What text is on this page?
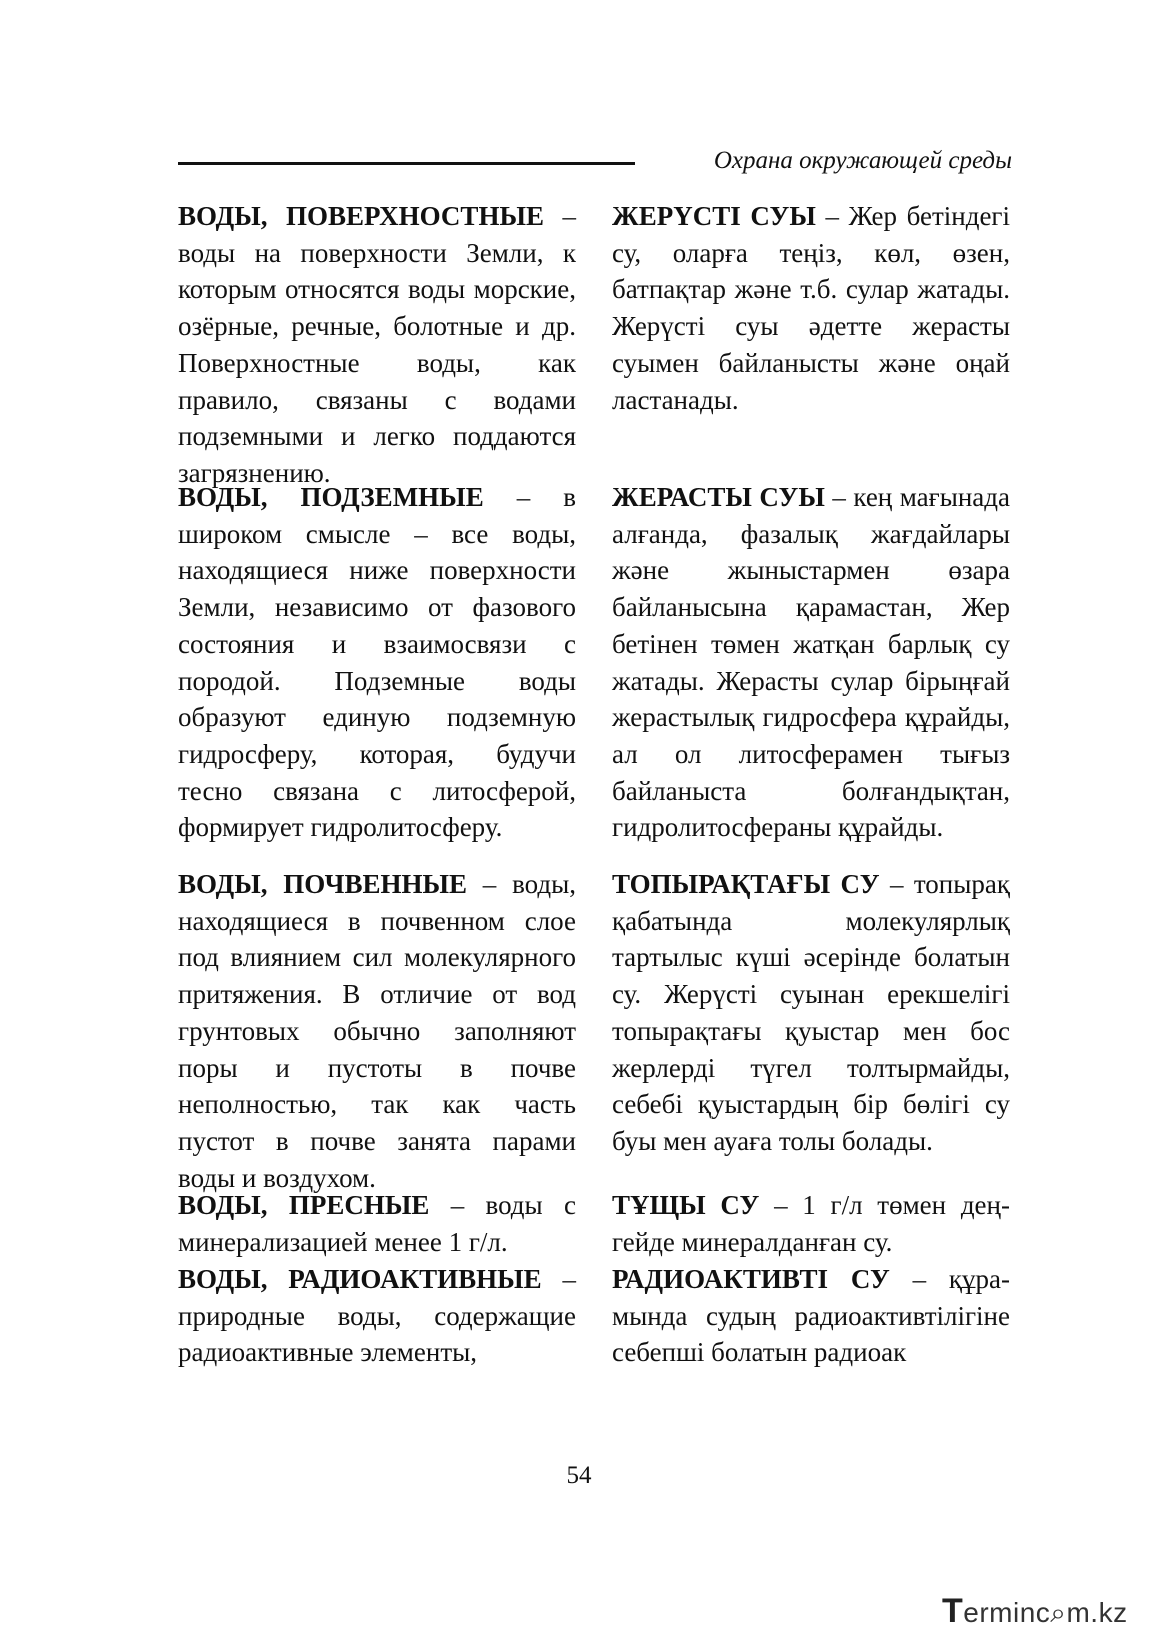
Охрана окружающей среды
ВОДЫ, ПОВЕРХНОСТНЫЕ – воды на поверхности Земли, к которым относятся воды морские, озёрные, речные, болотные и др. Поверхностные воды, как правило, связаны с водами подземными и легко поддаются загрязнению.
ВОДЫ, ПОДЗЕМНЫЕ – в широком смысле – все воды, находящиеся ниже поверхности Земли, независимо от фазового состояния и взаимосвязи с породой. Подземные воды образуют единую подземную гидросферу, которая, будучи тесно связана с литосферой, формирует гидролитосферу.
ВОДЫ, ПОЧВЕННЫЕ – воды, находящиеся в почвенном слое под влиянием сил молекулярного притяжения. В отличие от вод грунтовых обычно заполняют поры и пустоты в почве неполностью, так как часть пустот в почве занята парами воды и воздухом.
ВОДЫ, ПРЕСНЫЕ – воды с минерализацией менее 1 г/л.
ВОДЫ, РАДИОАКТИВНЫЕ – природные воды, содержащие радиоактивные элементы,
ЖЕРҮСТІ СУЫ – Жер бетіндегі су, оларға теңіз, көл, өзен, батпақтар және т.б. сулар жатады. Жерүсті суы әдетте жерасты суымен байланысты және оңай ластанады.
ЖЕРАСТЫ СУЫ – кең мағынада алғанда, фазалық жағдайлары және жыныстармен өзара байланысына қарамастан, Жер бетінен төмен жатқан барлық су жатады. Жерасты сулар бірыңғай жерастылық гидросфера құрайды, ал ол литосферамен тығыз байланыста болғандықтан, гидролитосфераны құрайды.
ТОПЫРАҚТАҒЫ СУ – топырақ қабатында молекулярлық тартылыс күші әсерінде болатын су. Жерүсті суынан ерекшелігі топырақтағы қуыстар мен бос жерлерді түгел толтырмайды, себебі қуыстардың бір бөлігі су буы мен ауаға толы болады.
ТҰЩЫ СУ – 1 г/л төмен деңгейде минералданған су.
РАДИОАКТИВТІ СУ – құрамында судың радиоактивтілігіне себепші болатын радиоак
54
Terminc⌕m.kz
